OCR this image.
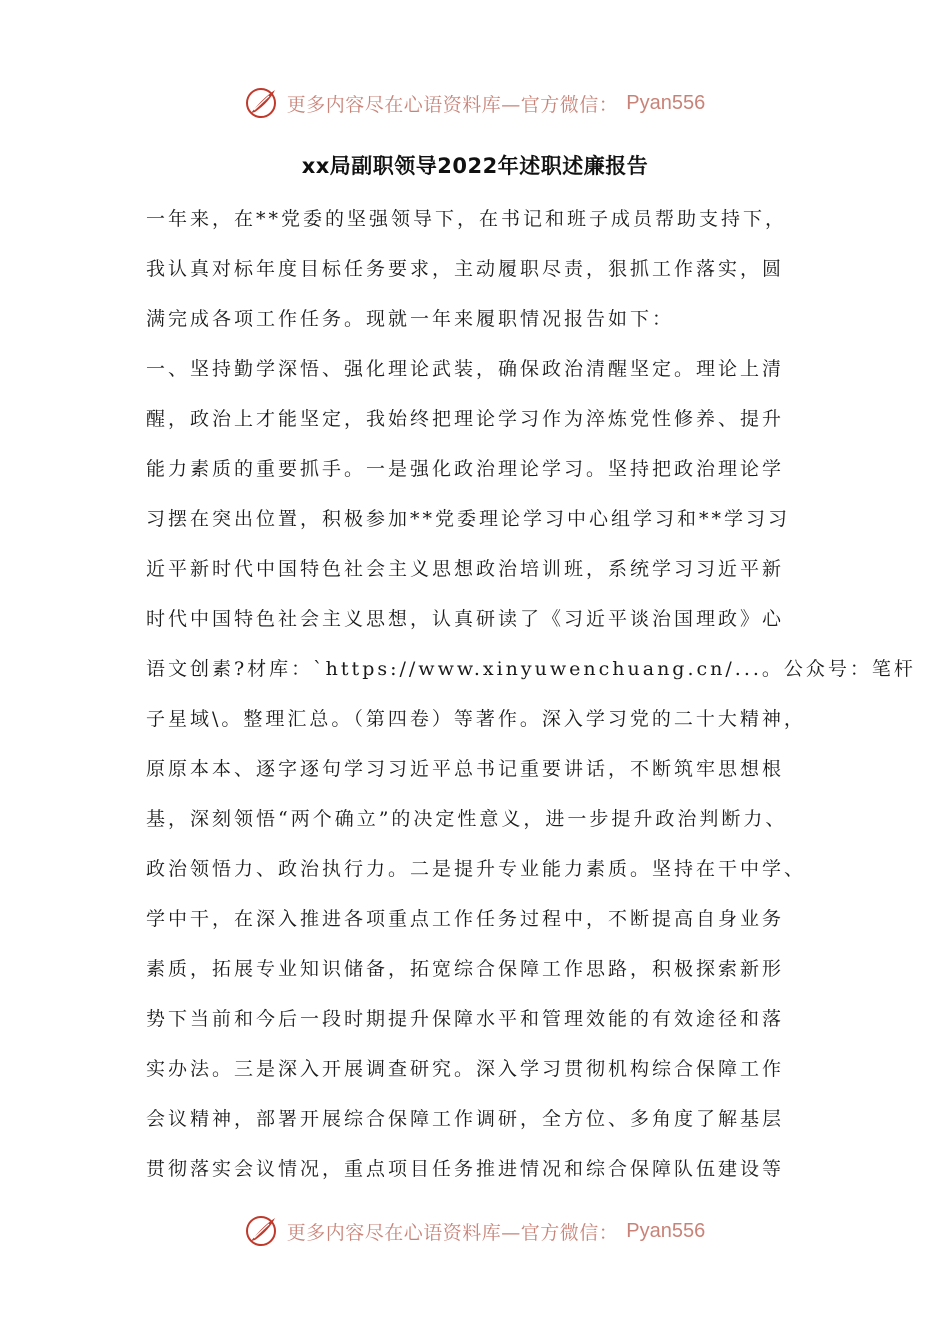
更多内容尽在心语资料库—官方微信： Pyan556
xx局副职领导2022年述职述廉报告
一年来，在**党委的坚强领导下，在书记和班子成员帮助支持下，
我认真对标年度目标任务要求，主动履职尽责，狠抓工作落实，圆
满完成各项工作任务。现就一年来履职情况报告如下：
一、坚持勤学深悟、强化理论武装，确保政治清醒坚定。理论上清
醒，政治上才能坚定，我始终把理论学习作为淬炼党性修养、提升
能力素质的重要抓手。一是强化政治理论学习。坚持把政治理论学
习摆在突出位置，积极参加**党委理论学习中心组学习和**学习习
近平新时代中国特色社会主义思想政治培训班，系统学习习近平新
时代中国特色社会主义思想，认真研读了《习近平谈治国理政》心
语文创素?材库：`https://www.xinyuwenchuang.cn/...。公众号：笔杆
子星域\。整理汇总。（第四卷）等著作。深入学习党的二十大精神，
原原本本、逐字逐句学习习近平总书记重要讲话，不断筑牢思想根
基，深刻领悟“两个确立”的决定性意义，进一步提升政治判断力、
政治领悟力、政治执行力。二是提升专业能力素质。坚持在干中学、
学中干，在深入推进各项重点工作任务过程中，不断提高自身业务
素质，拓展专业知识储备，拓宽综合保障工作思路，积极探索新形
势下当前和今后一段时期提升保障水平和管理效能的有效途径和落
实办法。三是深入开展调查研究。深入学习贯彻机构综合保障工作
会议精神，部署开展综合保障工作调研，全方位、多角度了解基层
贯彻落实会议情况，重点项目任务推进情况和综合保障队伍建设等
更多内容尽在心语资料库—官方微信： Pyan556
